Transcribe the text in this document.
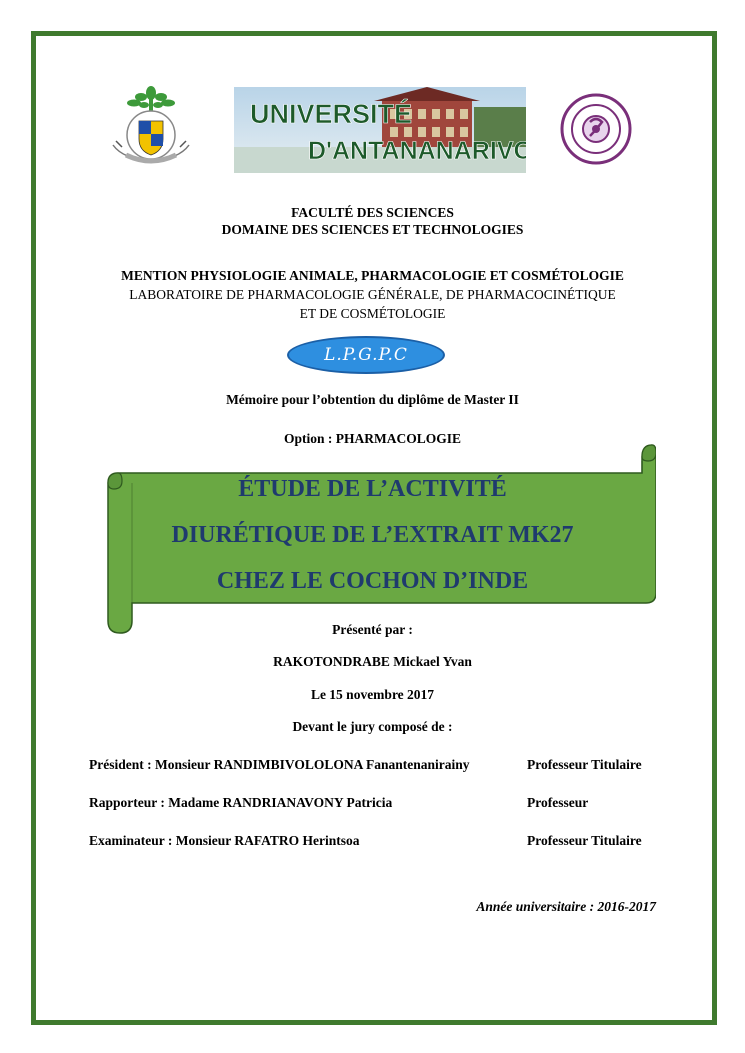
UNIVERSITÉ
D'ANTANANARIVO
FACULTÉ DES SCIENCES
DOMAINE DES SCIENCES ET TECHNOLOGIES
MENTION PHYSIOLOGIE ANIMALE, PHARMACOLOGIE ET COSMÉTOLOGIE
LABORATOIRE DE PHARMACOLOGIE GÉNÉRALE, DE PHARMACOCINÉTIQUE
ET DE COSMÉTOLOGIE
L.P.G.P.C
Mémoire pour l’obtention du diplôme de Master II
Option : PHARMACOLOGIE
ÉTUDE DE L’ACTIVITÉ
DIURÉTIQUE DE L’EXTRAIT MK27
CHEZ LE COCHON D’INDE
Présenté par :
RAKOTONDRABE Mickael Yvan
Le 15 novembre 2017
Devant le jury composé de :
Président : Monsieur RANDIMBIVOLOLONA Fanantenanirainy	Professeur Titulaire
Rapporteur : Madame RANDRIANAVONY Patricia	Professeur
Examinateur : Monsieur RAFATRO Herintsoa	Professeur Titulaire
Année universitaire : 2016-2017
